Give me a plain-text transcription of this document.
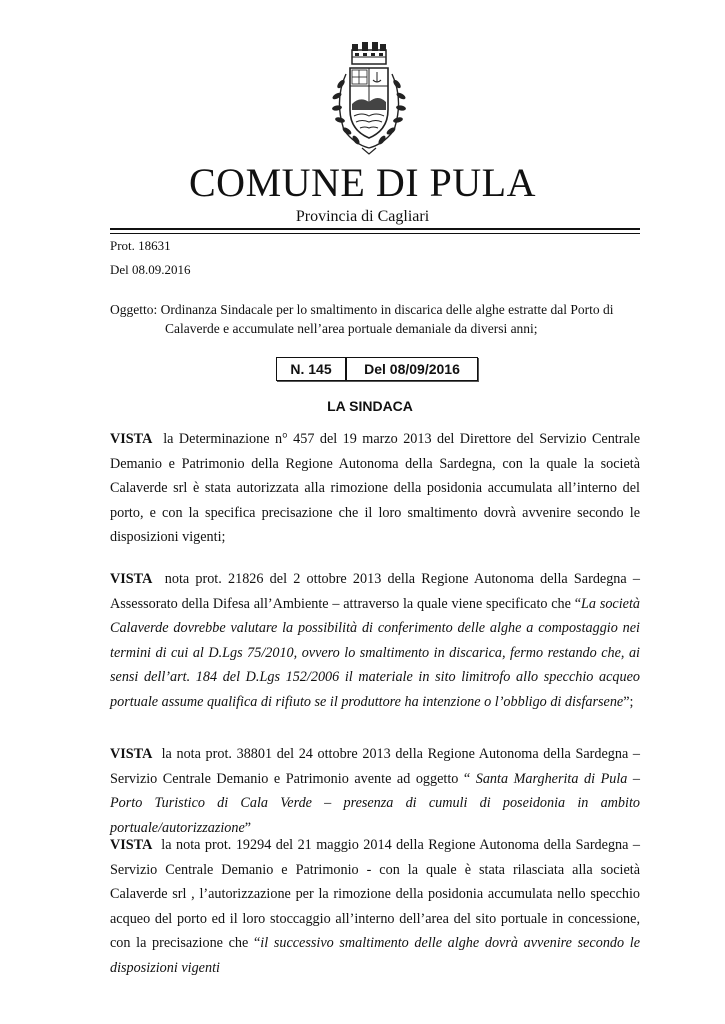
COMUNE DI PULA
Provincia di Cagliari
Prot. 18631
Del 08.09.2016
Oggetto: Ordinanza Sindacale per lo smaltimento in discarica delle alghe estratte dal Porto di
Calaverde e accumulate nell’area portuale demaniale da diversi anni;
N. 145	Del 08/09/2016
LA SINDACA
VISTA la Determinazione n° 457 del 19 marzo 2013 del Direttore del Servizio Centrale Demanio e Patrimonio della Regione Autonoma della Sardegna, con la quale la società Calaverde srl è stata autorizzata alla rimozione della posidonia accumulata all’interno del porto, e con la specifica precisazione che il loro smaltimento dovrà avvenire secondo le disposizioni vigenti;
VISTA nota prot. 21826 del 2 ottobre 2013 della Regione Autonoma della Sardegna – Assessorato della Difesa all’Ambiente – attraverso la quale viene specificato che “La società Calaverde dovrebbe valutare la possibilità di conferimento delle alghe a compostaggio nei termini di cui al D.Lgs 75/2010, ovvero lo smaltimento in discarica, fermo restando che, ai sensi dell’art. 184 del D.Lgs 152/2006 il materiale in sito limitrofo allo specchio acqueo portuale assume qualifica di rifiuto se il produttore ha intenzione o l’obbligo di disfarsene”;
VISTA la nota prot. 38801 del 24 ottobre 2013 della Regione Autonoma della Sardegna – Servizio Centrale Demanio e Patrimonio avente ad oggetto “ Santa Margherita di Pula – Porto Turistico di Cala Verde – presenza di cumuli di poseidonia in ambito portuale/autorizzazione”
VISTA la nota prot. 19294 del 21 maggio 2014 della Regione Autonoma della Sardegna – Servizio Centrale Demanio e Patrimonio - con la quale è stata rilasciata alla società Calaverde srl , l’autorizzazione per la rimozione della posidonia accumulata nello specchio acqueo del porto ed il loro stoccaggio all’interno dell’area del sito portuale in concessione, con la precisazione che “il successivo smaltimento delle alghe dovrà avvenire secondo le disposizioni vigenti
